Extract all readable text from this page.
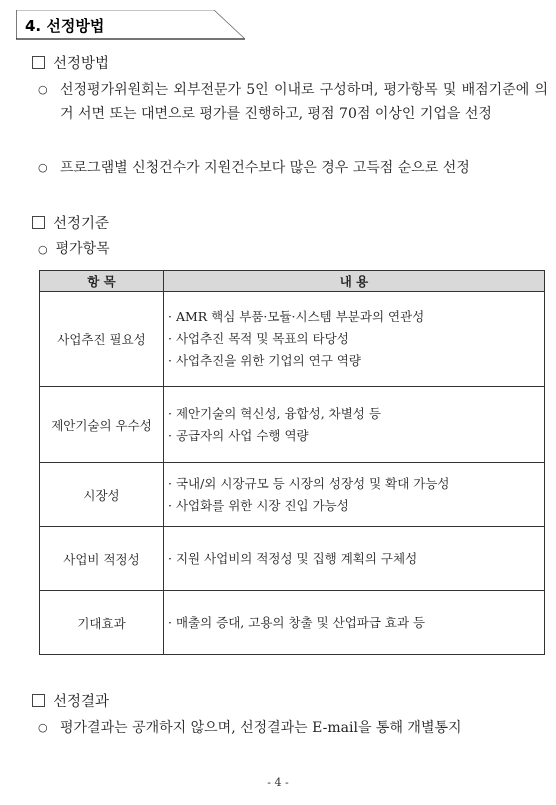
4. 선정방법
선정방법
○ 선정평가위원회는 외부전문가 5인 이내로 구성하며, 평가항목 및 배점기준에 의거 서면 또는 대면으로 평가를 진행하고, 평점 70점 이상인 기업을 선정
○ 프로그램별 신청건수가 지원건수보다 많은 경우 고득점 순으로 선정
선정기준
○ 평가항목
항 목	내 용
사업추진 필요성	· AMR 핵심 부품·모듈·시스템 부분과의 연관성
· 사업추진 목적 및 목표의 타당성
· 사업추진을 위한 기업의 연구 역량

제안기술의 우수성	· 제안기술의 혁신성, 융합성, 차별성 등
· 공급자의 사업 수행 역량

시장성	· 국내/외 시장규모 등 시장의 성장성 및 확대 가능성
· 사업화를 위한 시장 진입 가능성

사업비 적정성	· 지원 사업비의 적정성 및 집행 계획의 구체성

기대효과	· 매출의 증대, 고용의 창출 및 산업파급 효과 등
선정결과
○ 평가결과는 공개하지 않으며, 선정결과는 E-mail을 통해 개별통지
- 4 -
